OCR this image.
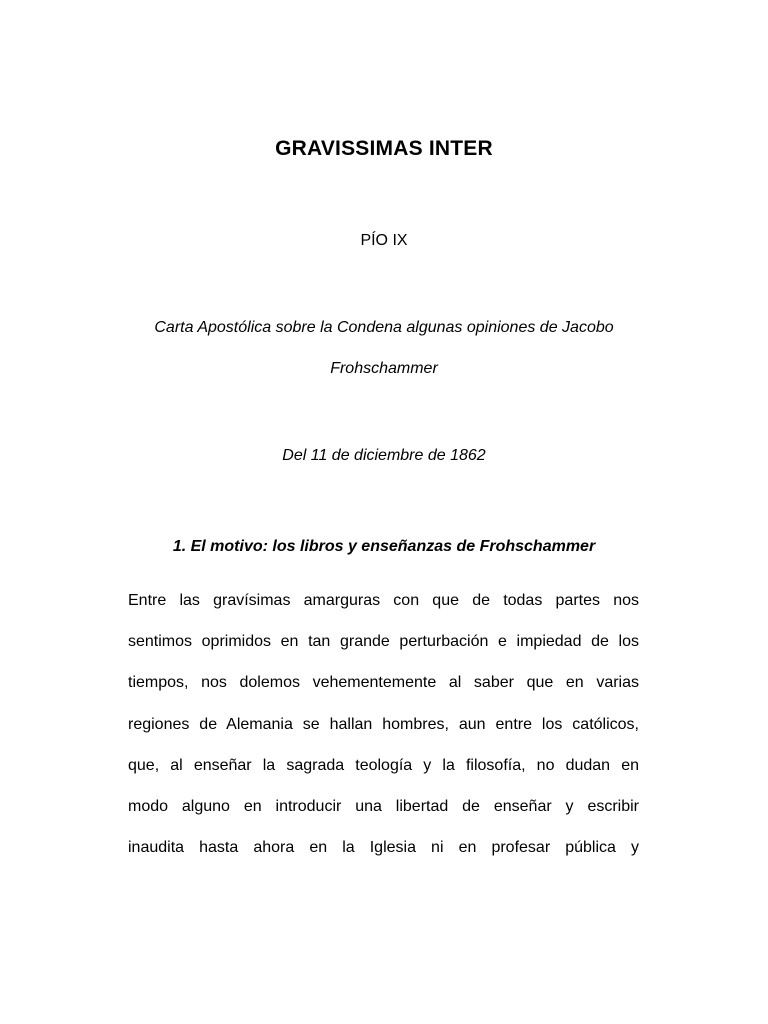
GRAVISSIMAS INTER
PÍO IX
Carta Apostólica sobre la Condena algunas opiniones de Jacobo
Frohschammer
Del 11 de diciembre de 1862
1. El motivo: los libros y enseñanzas de Frohschammer
Entre las gravísimas amarguras con que de todas partes nos
sentimos oprimidos en tan grande perturbación e impiedad de los
tiempos, nos dolemos vehementemente al saber que en varias
regiones de Alemania se hallan hombres, aun entre los católicos,
que, al enseñar la sagrada teología y la filosofía, no dudan en
modo alguno en introducir una libertad de enseñar y escribir
inaudita hasta ahora en la Iglesia ni en profesar pública y
